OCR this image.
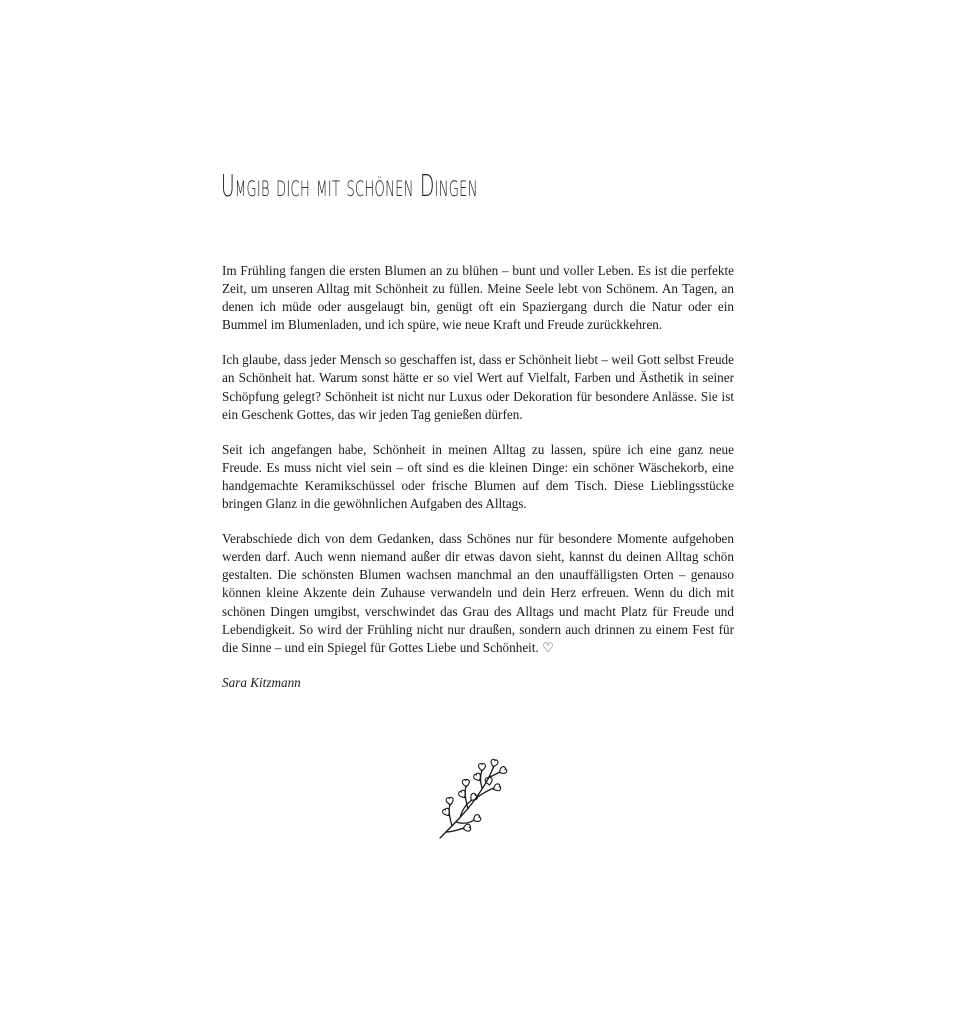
Umgib dich mit schönen Dingen

Im Frühling fangen die ersten Blumen an zu blühen – bunt und voller Leben. Es ist die perfekte Zeit, um unseren Alltag mit Schönheit zu füllen. Meine Seele lebt von Schönem. An Tagen, an denen ich müde oder ausgelaugt bin, genügt oft ein Spaziergang durch die Natur oder ein Bummel im Blumenladen, und ich spüre, wie neue Kraft und Freude zurückkehren.

Ich glaube, dass jeder Mensch so geschaffen ist, dass er Schönheit liebt – weil Gott selbst Freude an Schönheit hat. Warum sonst hätte er so viel Wert auf Vielfalt, Farben und Ästhetik in seiner Schöpfung gelegt? Schönheit ist nicht nur Luxus oder Dekoration für besondere Anlässe. Sie ist ein Geschenk Gottes, das wir jeden Tag genießen dürfen.

Seit ich angefangen habe, Schönheit in meinen Alltag zu lassen, spüre ich eine ganz neue Freude. Es muss nicht viel sein – oft sind es die kleinen Dinge: ein schöner Wäschekorb, eine handgemachte Keramikschüssel oder frische Blumen auf dem Tisch. Diese Lieblingsstücke bringen Glanz in die gewöhnlichen Aufgaben des Alltags.

Verabschiede dich von dem Gedanken, dass Schönes nur für besondere Momente aufgehoben werden darf. Auch wenn niemand außer dir etwas davon sieht, kannst du deinen Alltag schön gestalten. Die schönsten Blumen wachsen manchmal an den unauffälligsten Orten – genauso können kleine Akzente dein Zuhause verwandeln und dein Herz erfreuen. Wenn du dich mit schönen Dingen umgibst, verschwindet das Grau des Alltags und macht Platz für Freude und Lebendigkeit. So wird der Frühling nicht nur draußen, sondern auch drinnen zu einem Fest für die Sinne – und ein Spiegel für Gottes Liebe und Schönheit. ♡

Sara Kitzmann
